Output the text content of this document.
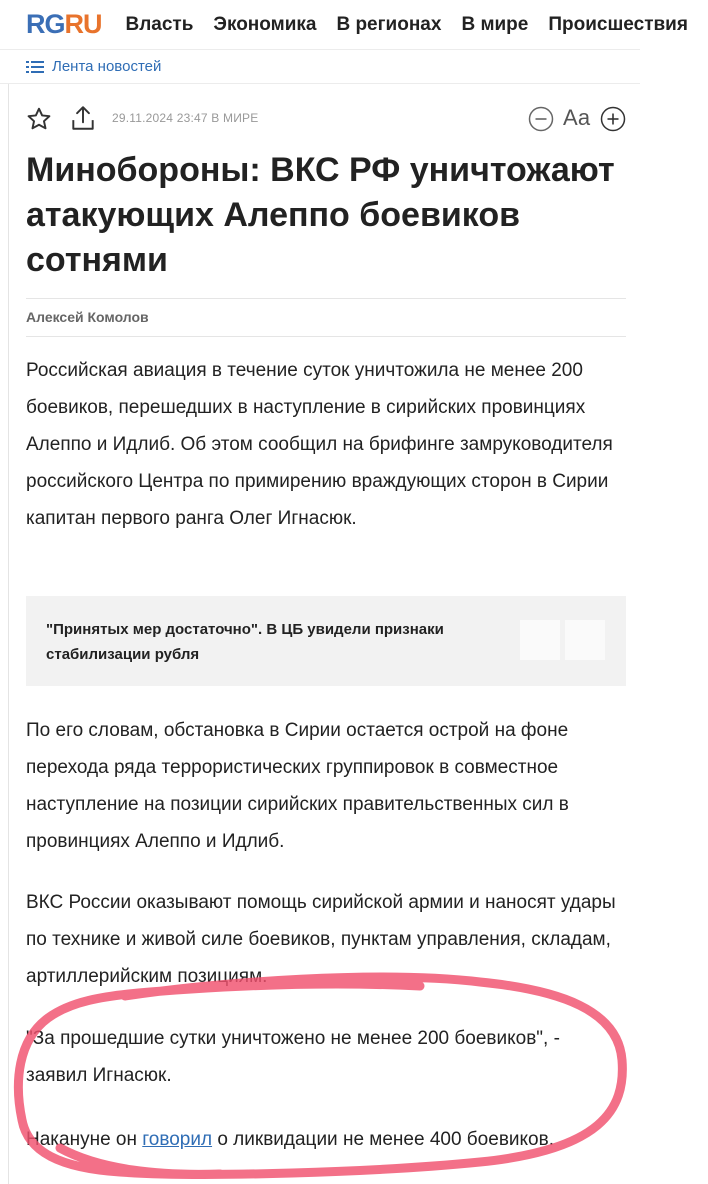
RGRU Власть Экономика В регионах В мире Происшествия
Лента новостей
29.11.2024 23:47 В МИРЕ	Аа
Минобороны: ВКС РФ уничтожают атакующих Алеппо боевиков сотнями
Алексей Комолов

Российская авиация в течение суток уничтожила не менее 200 боевиков, перешедших в наступление в сирийских провинциях Алеппо и Идлиб. Об этом сообщил на брифинге замруководителя российского Центра по примирению враждующих сторон в Сирии капитан первого ранга Олег Игнасюк.

"Принятых мер достаточно". В ЦБ увидели признаки стабилизации рубля

По его словам, обстановка в Сирии остается острой на фоне перехода ряда террористических группировок в совместное наступление на позиции сирийских правительственных сил в провинциях Алеппо и Идлиб.

ВКС России оказывают помощь сирийской армии и наносят удары по технике и живой силе боевиков, пунктам управления, складам, артиллерийским позициям.

"За прошедшие сутки уничтожено не менее 200 боевиков", - заявил Игнасюк.

Накануне он говорил о ликвидации не менее 400 боевиков.
